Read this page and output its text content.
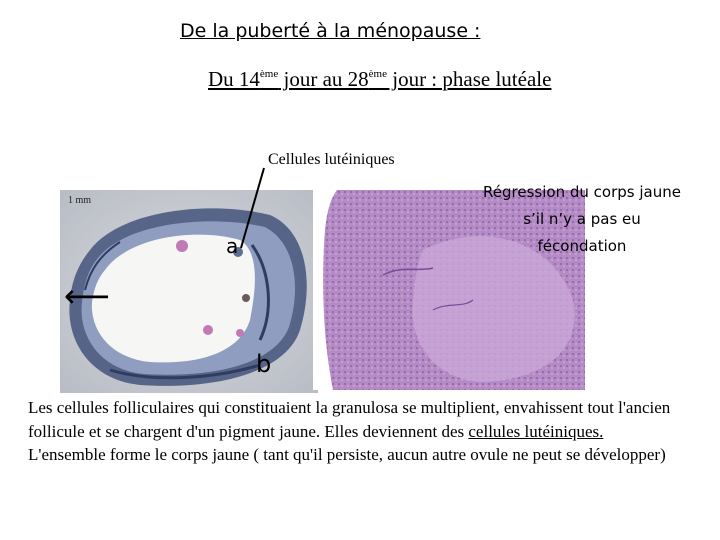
De la puberté à la ménopause :
Du 14ème jour au 28ème jour : phase lutéale
Cellules lutéiniques
1 mm
a
b
⟵
Régression du corps jaune
s’il n’y a pas eu
fécondation

Les cellules folliculaires qui constituaient la granulosa se multiplient, envahissent tout l'ancien follicule et se chargent d'un pigment jaune. Elles deviennent des cellules lutéiniques.

L'ensemble forme le corps jaune ( tant qu'il persiste, aucun autre ovule ne peut se développer)
